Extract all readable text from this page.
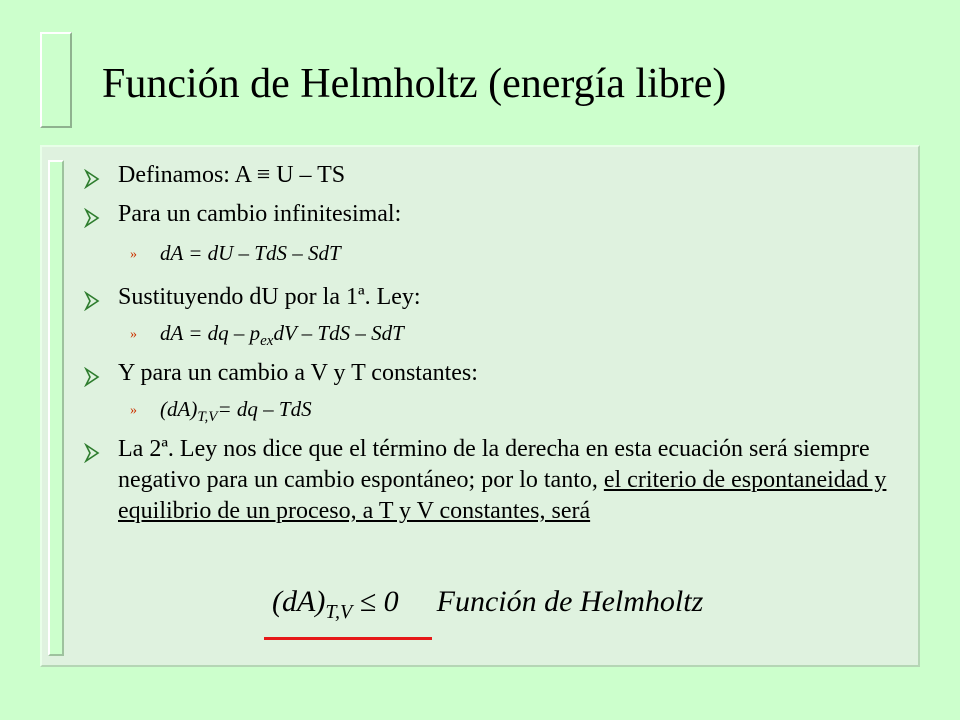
Función de Helmholtz (energía libre)
Definamos: A ≡ U – TS
Para un cambio infinitesimal:
» dA = dU – TdS – SdT
Sustituyendo dU por la 1ª. Ley:
» dA = dq – $p_{ex}dV$ – TdS – SdT
Y para un cambio a V y T constantes:
» $(dA)_{T,V}=$ dq – TdS
La 2ª. Ley nos dice que el término de la derecha en esta ecuación será siempre negativo para un cambio espontáneo; por lo tanto, el criterio de espontaneidad y equilibrio de un proceso, a T y V constantes, será
$(dA)_{T,V} \le 0$ Función de Helmholtz
